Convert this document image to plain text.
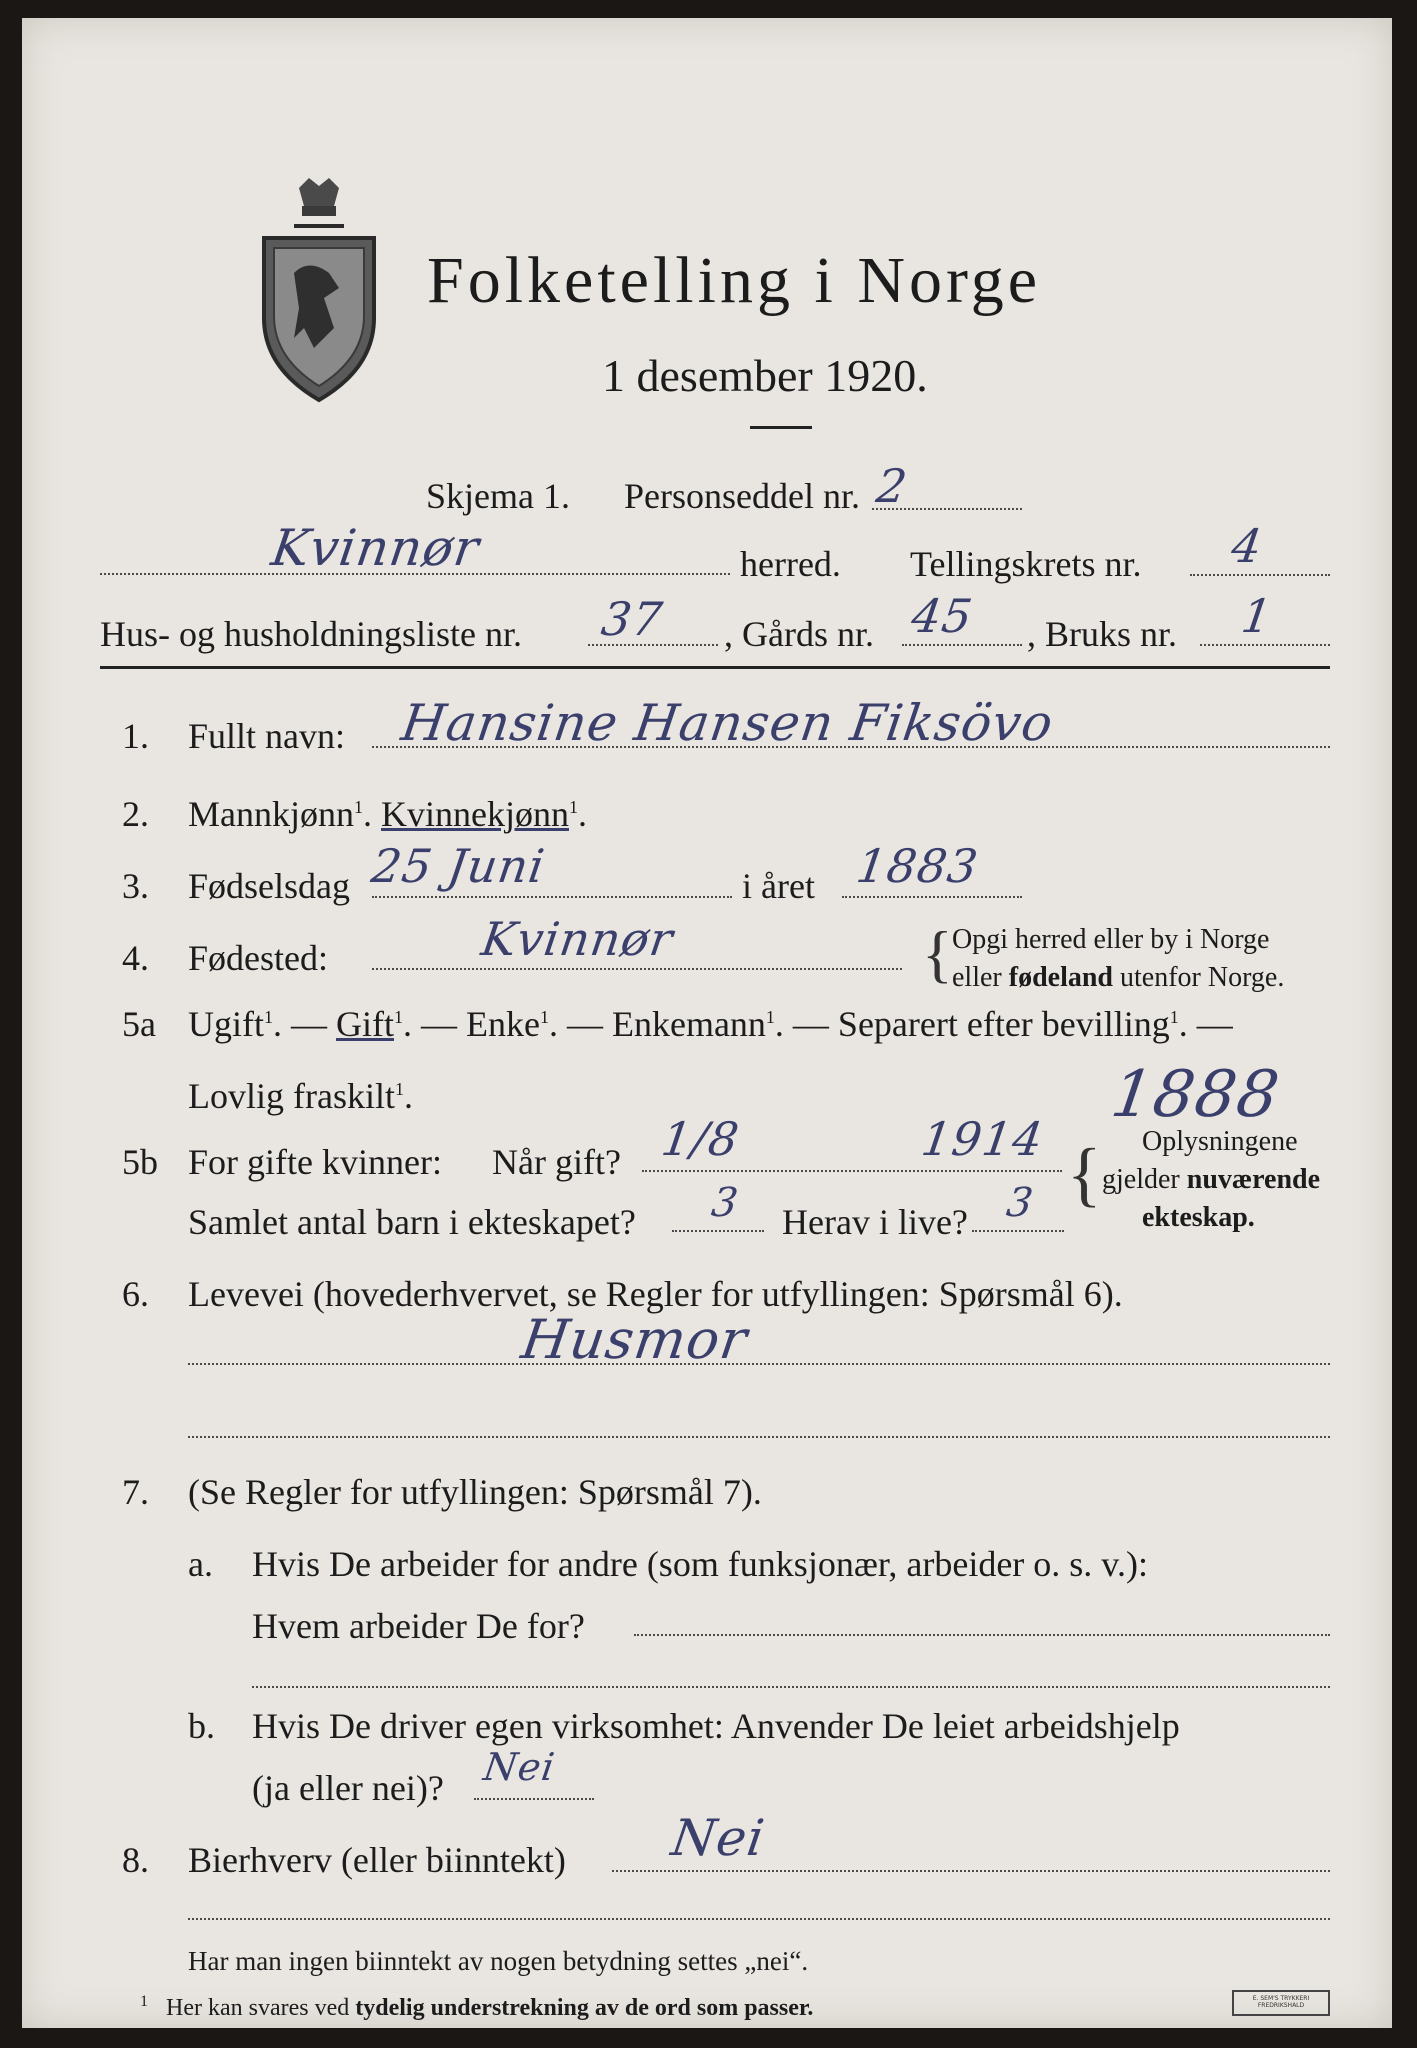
Folketelling i Norge
1 desember 1920.
Skjema 1. Personseddel nr. 2
Kvinnør	herred. Tellingskrets nr. 4
Hus- og husholdningsliste nr. 37 , Gårds nr. 45 , Bruks nr. 1
1. Fullt navn: Hansine Hansen Fiksövo
2. Mannkjønn$^1$. Kvinnekjønn$^1$.
3. Fødselsdag 25 Juni	i året 1883
4. Fødested:	Kvinnør	{ Opgi herred eller by i Norge
eller fødeland utenfor Norge.
5a Ugift$^1$. — Gift$^1$. — Enke$^1$. — Enkemann$^1$. — Separert efter bevilling$^1$. —
Lovlig fraskilt$^1$.	1888
5b For gifte kvinner: Når gift? 1/8	1914 { Oplysningene
gjelder nuværende
ekteskap.
Samlet antal barn i ekteskapet? 3 Herav i live? 3
6. Levevei (hovederhvervet, se Regler for utfyllingen: Spørsmål 6).
Husmor
7. (Se Regler for utfyllingen: Spørsmål 7).
a. Hvis De arbeider for andre (som funksjonær, arbeider o. s. v.):
Hvem arbeider De for?
b. Hvis De driver egen virksomhet: Anvender De leiet arbeidshjelp
(ja eller nei)? Nei
8. Bierhverv (eller biinntekt) Nei
Har man ingen biinntekt av nogen betydning settes „nei“.
$^1$ Her kan svares ved tydelig understrekning av de ord som passer.	E. SEM'S TRYKKERI FREDRIKSHALD
